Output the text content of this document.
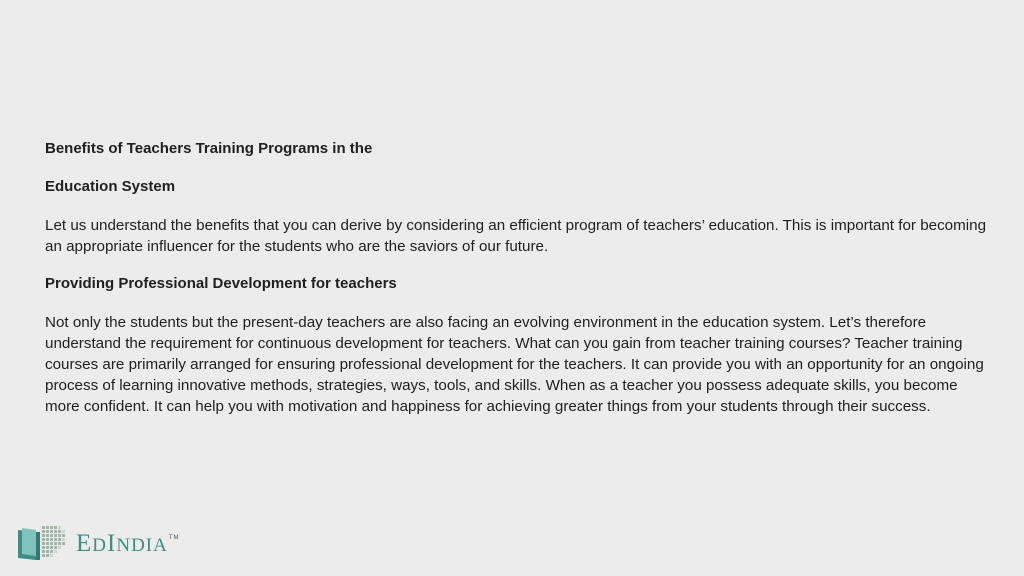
Benefits of Teachers Training Programs in the

Education System

Let us understand the benefits that you can derive by considering an efficient program of teachers’ education. This is important for becoming an appropriate influencer for the students who are the saviors of our future.

Providing Professional Development for teachers

Not only the students but the present-day teachers are also facing an evolving environment in the education system. Let’s therefore understand the requirement for continuous development for teachers. What can you gain from teacher training courses? Teacher training courses are primarily arranged for ensuring professional development for the teachers. It can provide you with an opportunity for an ongoing process of learning innovative methods, strategies, ways, tools, and skills. When as a teacher you possess adequate skills, you become more confident. It can help you with motivation and happiness for achieving greater things from your students through their success.

EDINDIA™
